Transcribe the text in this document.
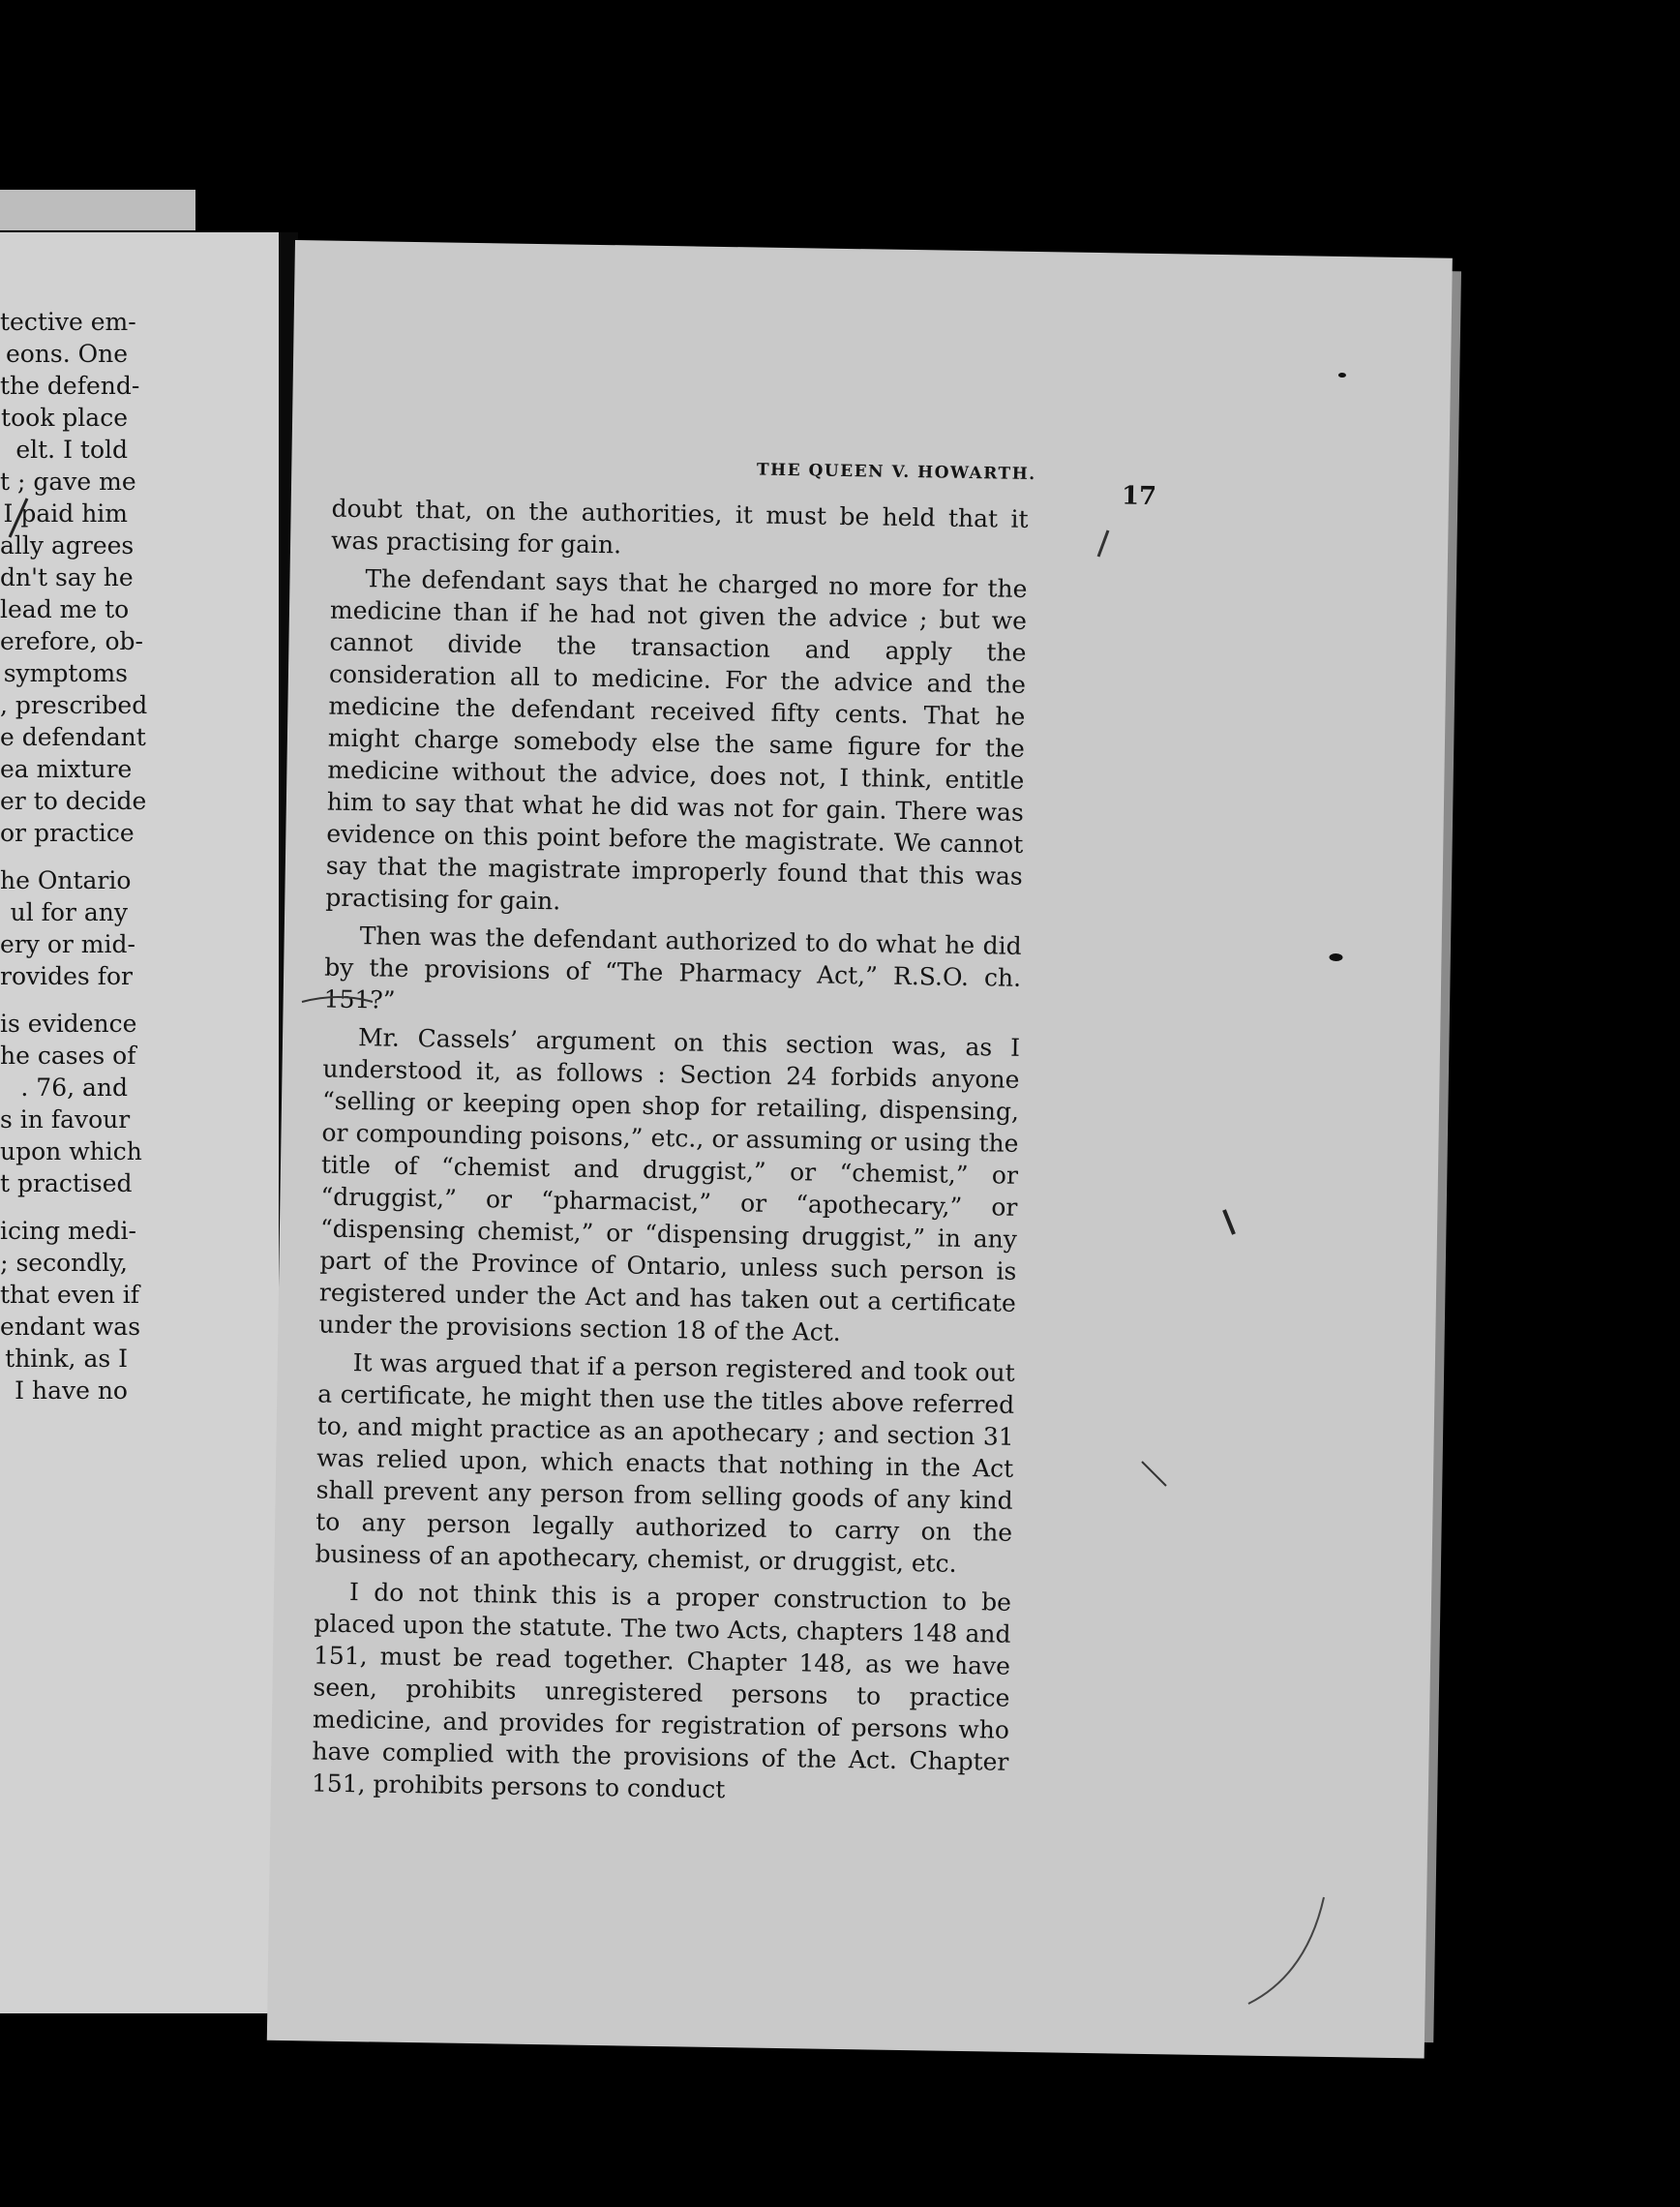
tective em-
eons. One
the defend-
took place
elt. I told
t ; gave me
I paid him
ally agrees
dn't say he
lead me to
erefore, ob-
symptoms
, prescribed
e defendant
ea mixture
er to decide
or practice
he Ontario
ul for any
ery or mid-
rovides for
is evidence
he cases of
. 76, and
s in favour
upon which
t practised
icing medi-
; secondly,
that even if
endant was
think, as I
I have no
THE QUEEN V. HOWARTH.
17

doubt that, on the authorities, it must be held that it was practising for gain.

The defendant says that he charged no more for the medicine than if he had not given the advice ; but we cannot divide the transaction and apply the consideration all to medicine. For the advice and the medicine the defendant received fifty cents. That he might charge somebody else the same figure for the medicine without the advice, does not, I think, entitle him to say that what he did was not for gain. There was evidence on this point before the magistrate. We cannot say that the magistrate improperly found that this was practising for gain.

Then was the defendant authorized to do what he did by the provisions of “The Pharmacy Act,” R.S.O. ch. 151?”

Mr. Cassels’ argument on this section was, as I understood it, as follows : Section 24 forbids anyone “selling or keeping open shop for retailing, dispensing, or compounding poisons,” etc., or assuming or using the title of “chemist and druggist,” or “chemist,” or “druggist,” or “pharmacist,” or “apothecary,” or “dispensing chemist,” or “dispensing druggist,” in any part of the Province of Ontario, unless such person is registered under the Act and has taken out a certificate under the provisions section 18 of the Act.

It was argued that if a person registered and took out a certificate, he might then use the titles above referred to, and might practice as an apothecary ; and section 31 was relied upon, which enacts that nothing in the Act shall prevent any person from selling goods of any kind to any person legally authorized to carry on the business of an apothecary, chemist, or druggist, etc.

I do not think this is a proper construction to be placed upon the statute. The two Acts, chapters 148 and 151, must be read together. Chapter 148, as we have seen, prohibits unregistered persons to practice medicine, and provides for registration of persons who have complied with the provisions of the Act. Chapter 151, prohibits persons to conduct
